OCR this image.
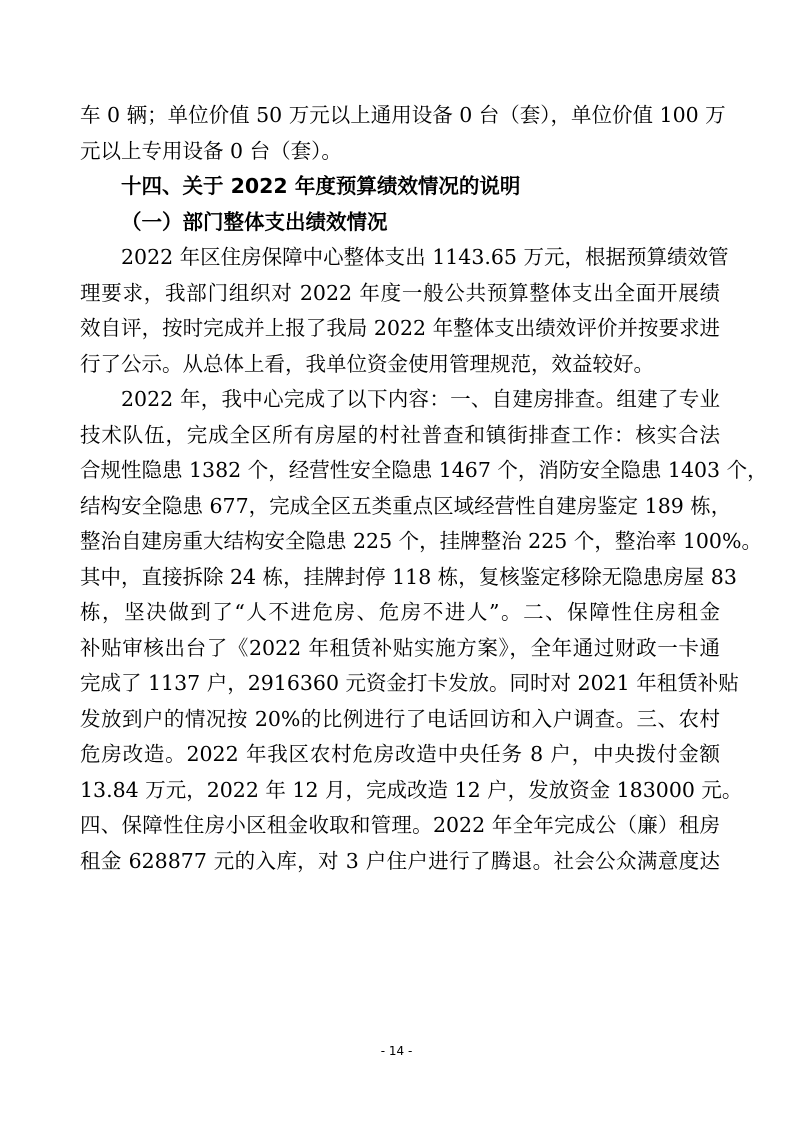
车 0 辆；单位价值 50 万元以上通用设备 0 台（套），单位价值 100 万
元以上专用设备 0 台（套）。
十四、关于 2022 年度预算绩效情况的说明
（一）部门整体支出绩效情况
2022 年区住房保障中心整体支出 1143.65 万元，根据预算绩效管
理要求，我部门组织对 2022 年度一般公共预算整体支出全面开展绩
效自评，按时完成并上报了我局 2022 年整体支出绩效评价并按要求进
行了公示。从总体上看，我单位资金使用管理规范，效益较好。
2022 年，我中心完成了以下内容：一、自建房排查。组建了专业
技术队伍，完成全区所有房屋的村社普查和镇街排查工作：核实合法
合规性隐患 1382 个，经营性安全隐患 1467 个，消防安全隐患 1403 个，
结构安全隐患 677，完成全区五类重点区域经营性自建房鉴定 189 栋，
整治自建房重大结构安全隐患 225 个，挂牌整治 225 个，整治率 100%。
其中，直接拆除 24 栋，挂牌封停 118 栋，复核鉴定移除无隐患房屋 83
栋，坚决做到了“人不进危房、危房不进人”。二、保障性住房租金
补贴审核出台了《2022 年租赁补贴实施方案》，全年通过财政一卡通
完成了 1137 户，2916360 元资金打卡发放。同时对 2021 年租赁补贴
发放到户的情况按 20%的比例进行了电话回访和入户调查。三、农村
危房改造。2022 年我区农村危房改造中央任务 8 户，中央拨付金额
13.84 万元，2022 年 12 月，完成改造 12 户，发放资金 183000 元。
四、保障性住房小区租金收取和管理。2022 年全年完成公（廉）租房
租金 628877 元的入库，对 3 户住户进行了腾退。社会公众满意度达
- 14 -
